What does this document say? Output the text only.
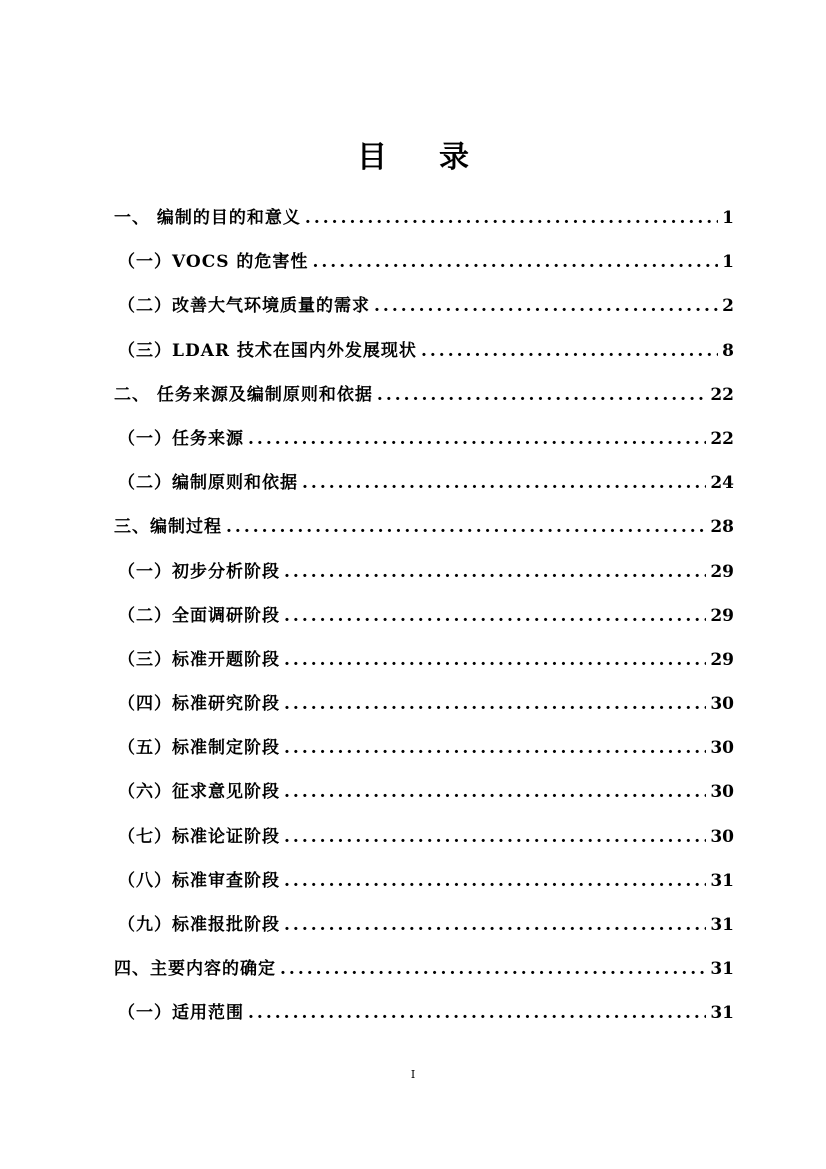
目 录
一、 编制的目的和意义 .....	1
（一）VOCS 的危害性 .....	1
（二）改善大气环境质量的需求 .....	2
（三）LDAR 技术在国内外发展现状 .....	8
二、 任务来源及编制原则和依据 .....	22
（一）任务来源 .....	22
（二）编制原则和依据 .....	24
三、编制过程 .....	28
（一）初步分析阶段 .....	29
（二）全面调研阶段 .....	29
（三）标准开题阶段 .....	29
（四）标准研究阶段 .....	30
（五）标准制定阶段 .....	30
（六）征求意见阶段 .....	30
（七）标准论证阶段 .....	30
（八）标准审查阶段 .....	31
（九）标准报批阶段 .....	31
四、主要内容的确定 .....	31
（一）适用范围 .....	31
I
